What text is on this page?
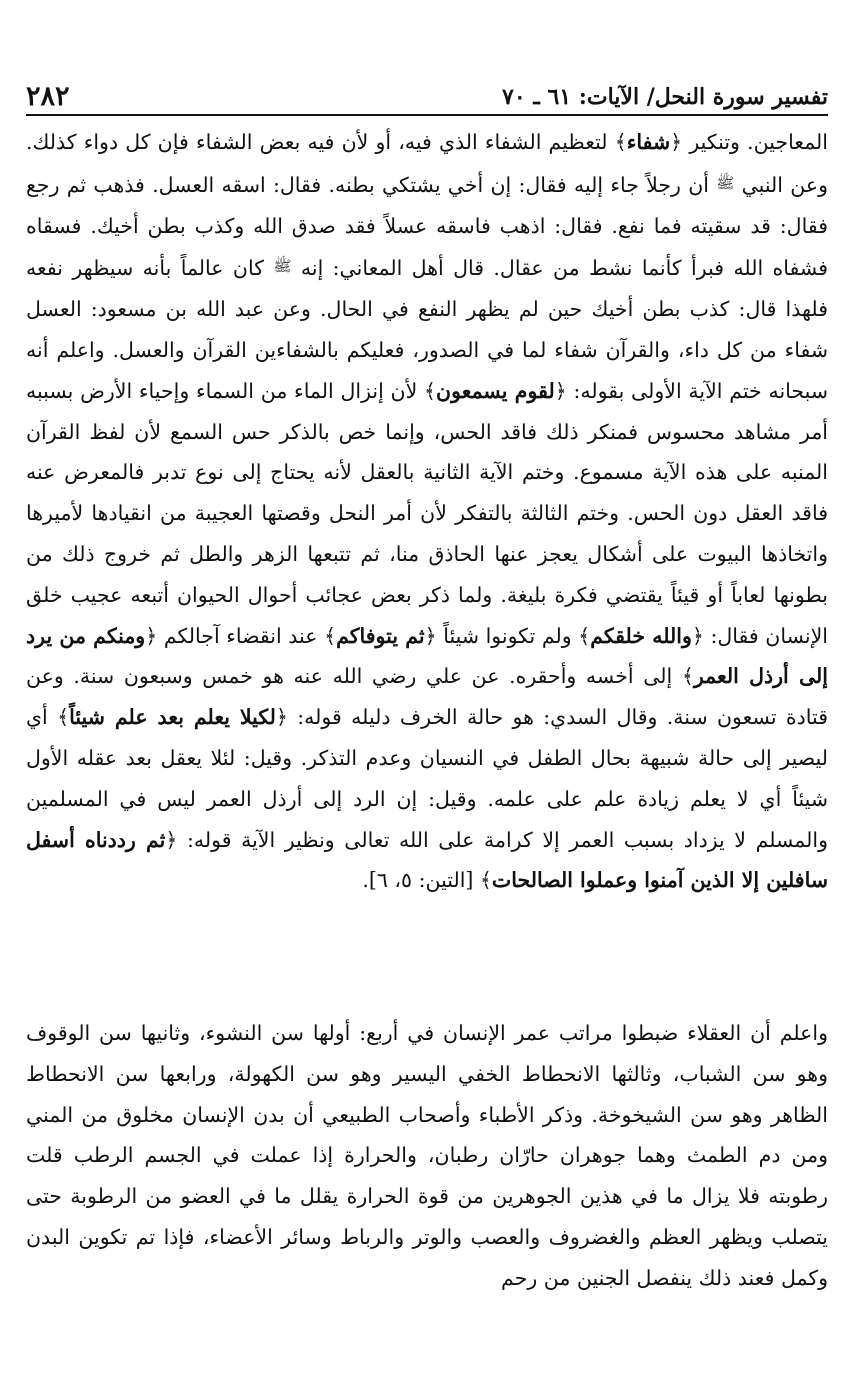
تفسير سورة النحل/ الآيات: ٦١ ـ ٧٠
٢٨٢

المعاجين. وتنكير ﴿شفاء﴾ لتعظيم الشفاء الذي فيه، أو لأن فيه بعض الشفاء فإن كل دواء كذلك. وعن النبي ﷺ أن رجلاً جاء إليه فقال: إن أخي يشتكي بطنه. فقال: اسقه العسل. فذهب ثم رجع فقال: قد سقيته فما نفع. فقال: اذهب فاسقه عسلاً فقد صدق الله وكذب بطن أخيك. فسقاه فشفاه الله فبرأ كأنما نشط من عقال. قال أهل المعاني: إنه ﷺ كان عالماً بأنه سيظهر نفعه فلهذا قال: كذب بطن أخيك حين لم يظهر النفع في الحال. وعن عبد الله بن مسعود: العسل شفاء من كل داء، والقرآن شفاء لما في الصدور، فعليكم بالشفاءين القرآن والعسل. واعلم أنه سبحانه ختم الآية الأولى بقوله: ﴿لقوم يسمعون﴾ لأن إنزال الماء من السماء وإحياء الأرض بسببه أمر مشاهد محسوس فمنكر ذلك فاقد الحس، وإنما خص بالذكر حس السمع لأن لفظ القرآن المنبه على هذه الآية مسموع. وختم الآية الثانية بالعقل لأنه يحتاج إلى نوع تدبر فالمعرض عنه فاقد العقل دون الحس. وختم الثالثة بالتفكر لأن أمر النحل وقصتها العجيبة من انقيادها لأميرها واتخاذها البيوت على أشكال يعجز عنها الحاذق منا، ثم تتبعها الزهر والطل ثم خروج ذلك من بطونها لعاباً أو قيئاً يقتضي فكرة بليغة. ولما ذكر بعض عجائب أحوال الحيوان أتبعه عجيب خلق الإنسان فقال: ﴿والله خلقكم﴾ ولم تكونوا شيئاً ﴿ثم يتوفاكم﴾ عند انقضاء آجالكم ﴿ومنكم من يرد إلى أرذل العمر﴾ إلى أخسه وأحقره. عن علي رضي الله عنه هو خمس وسبعون سنة. وعن قتادة تسعون سنة. وقال السدي: هو حالة الخرف دليله قوله: ﴿لكيلا يعلم بعد علم شيئاً﴾ أي ليصير إلى حالة شبيهة بحال الطفل في النسيان وعدم التذكر. وقيل: لئلا يعقل بعد عقله الأول شيئاً أي لا يعلم زيادة علم على علمه. وقيل: إن الرد إلى أرذل العمر ليس في المسلمين والمسلم لا يزداد بسبب العمر إلا كرامة على الله تعالى ونظير الآية قوله: ﴿ثم رددناه أسفل سافلين إلا الذين آمنوا وعملوا الصالحات﴾ [التين: ٥، ٦].

واعلم أن العقلاء ضبطوا مراتب عمر الإنسان في أربع: أولها سن النشوء، وثانيها سن الوقوف وهو سن الشباب، وثالثها الانحطاط الخفي اليسير وهو سن الكهولة، ورابعها سن الانحطاط الظاهر وهو سن الشيخوخة. وذكر الأطباء وأصحاب الطبيعي أن بدن الإنسان مخلوق من المني ومن دم الطمث وهما جوهران حارّان رطبان، والحرارة إذا عملت في الجسم الرطب قلت رطوبته فلا يزال ما في هذين الجوهرين من قوة الحرارة يقلل ما في العضو من الرطوبة حتى يتصلب ويظهر العظم والغضروف والعصب والوتر والرباط وسائر الأعضاء، فإذا تم تكوين البدن وكمل فعند ذلك ينفصل الجنين من رحم
